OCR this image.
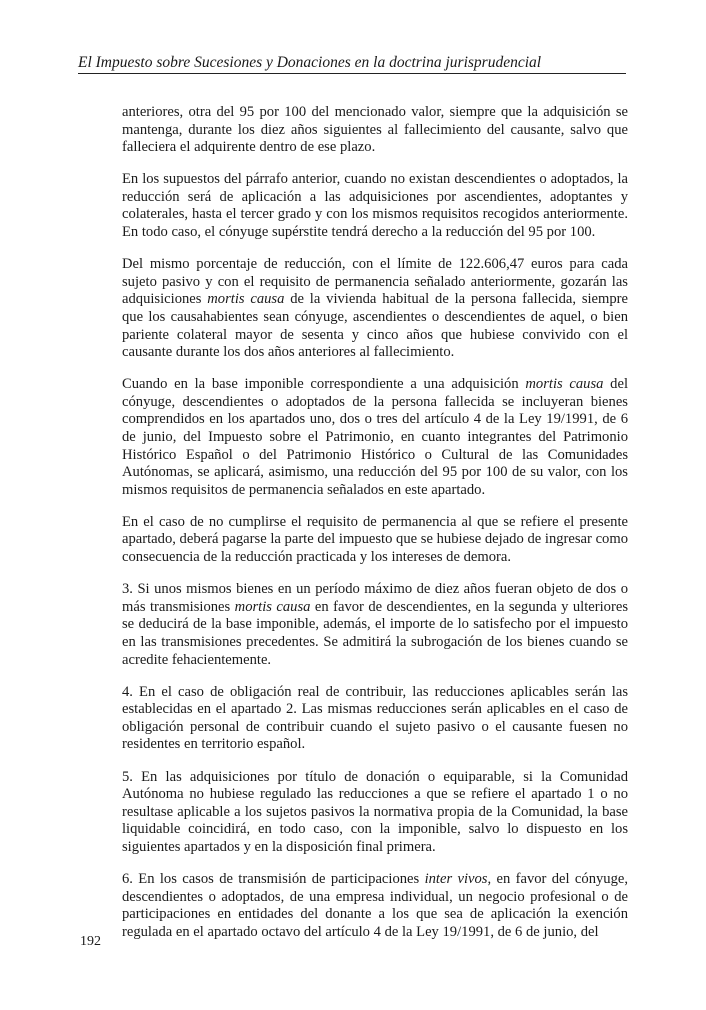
El Impuesto sobre Sucesiones y Donaciones en la doctrina jurisprudencial

anteriores, otra del 95 por 100 del mencionado valor, siempre que la adquisición se mantenga, durante los diez años siguientes al fallecimiento del causante, salvo que falleciera el adquirente dentro de ese plazo.

En los supuestos del párrafo anterior, cuando no existan descendientes o adoptados, la reducción será de aplicación a las adquisiciones por ascendientes, adoptantes y colaterales, hasta el tercer grado y con los mismos requisitos recogidos anteriormente. En todo caso, el cónyuge supérstite tendrá derecho a la reducción del 95 por 100.

Del mismo porcentaje de reducción, con el límite de 122.606,47 euros para cada sujeto pasivo y con el requisito de permanencia señalado anteriormente, gozarán las adquisiciones mortis causa de la vivienda habitual de la persona fallecida, siempre que los causahabientes sean cónyuge, ascendientes o descendientes de aquel, o bien pariente colateral mayor de sesenta y cinco años que hubiese convivido con el causante durante los dos años anteriores al fallecimiento.

Cuando en la base imponible correspondiente a una adquisición mortis causa del cónyuge, descendientes o adoptados de la persona fallecida se incluyeran bienes comprendidos en los apartados uno, dos o tres del artículo 4 de la Ley 19/1991, de 6 de junio, del Impuesto sobre el Patrimonio, en cuanto integrantes del Patrimonio Histórico Español o del Patrimonio Histórico o Cultural de las Comunidades Autónomas, se aplicará, asimismo, una reducción del 95 por 100 de su valor, con los mismos requisitos de permanencia señalados en este apartado.

En el caso de no cumplirse el requisito de permanencia al que se refiere el presente apartado, deberá pagarse la parte del impuesto que se hubiese dejado de ingresar como consecuencia de la reducción practicada y los intereses de demora.

3. Si unos mismos bienes en un período máximo de diez años fueran objeto de dos o más transmisiones mortis causa en favor de descendientes, en la segunda y ulteriores se deducirá de la base imponible, además, el importe de lo satisfecho por el impuesto en las transmisiones precedentes. Se admitirá la subrogación de los bienes cuando se acredite fehacientemente.

4. En el caso de obligación real de contribuir, las reducciones aplicables serán las establecidas en el apartado 2. Las mismas reducciones serán aplicables en el caso de obligación personal de contribuir cuando el sujeto pasivo o el causante fuesen no residentes en territorio español.

5. En las adquisiciones por título de donación o equiparable, si la Comunidad Autónoma no hubiese regulado las reducciones a que se refiere el apartado 1 o no resultase aplicable a los sujetos pasivos la normativa propia de la Comunidad, la base liquidable coincidirá, en todo caso, con la imponible, salvo lo dispuesto en los siguientes apartados y en la disposición final primera.

6. En los casos de transmisión de participaciones inter vivos, en favor del cónyuge, descendientes o adoptados, de una empresa individual, un negocio profesional o de participaciones en entidades del donante a los que sea de aplicación la exención regulada en el apartado octavo del artículo 4 de la Ley 19/1991, de 6 de junio, del

192
